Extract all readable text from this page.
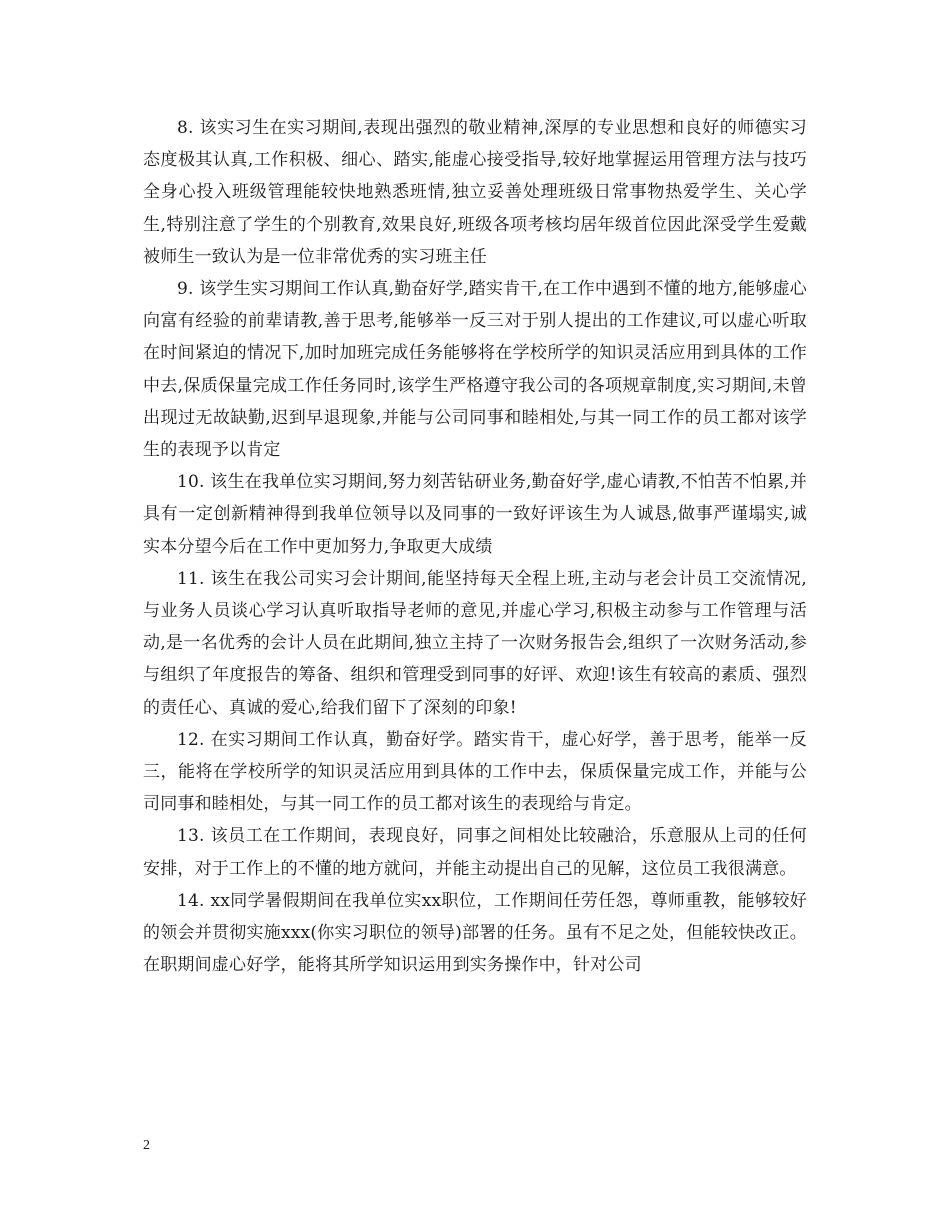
8. 该实习生在实习期间,表现出强烈的敬业精神,深厚的专业思想和良好的师德实习态度极其认真,工作积极、细心、踏实,能虚心接受指导,较好地掌握运用管理方法与技巧全身心投入班级管理能较快地熟悉班情,独立妥善处理班级日常事物热爱学生、关心学生,特别注意了学生的个别教育,效果良好,班级各项考核均居年级首位因此深受学生爱戴被师生一致认为是一位非常优秀的实习班主任

9. 该学生实习期间工作认真,勤奋好学,踏实肯干,在工作中遇到不懂的地方,能够虚心向富有经验的前辈请教,善于思考,能够举一反三对于别人提出的工作建议,可以虚心听取在时间紧迫的情况下,加时加班完成任务能够将在学校所学的知识灵活应用到具体的工作中去,保质保量完成工作任务同时,该学生严格遵守我公司的各项规章制度,实习期间,未曾出现过无故缺勤,迟到早退现象,并能与公司同事和睦相处,与其一同工作的员工都对该学生的表现予以肯定

10. 该生在我单位实习期间,努力刻苦钻研业务,勤奋好学,虚心请教,不怕苦不怕累,并具有一定创新精神得到我单位领导以及同事的一致好评该生为人诚恳,做事严谨塌实,诚实本分望今后在工作中更加努力,争取更大成绩

11. 该生在我公司实习会计期间,能坚持每天全程上班,主动与老会计员工交流情况,与业务人员谈心学习认真听取指导老师的意见,并虚心学习,积极主动参与工作管理与活动,是一名优秀的会计人员在此期间,独立主持了一次财务报告会,组织了一次财务活动,参与组织了年度报告的筹备、组织和管理受到同事的好评、欢迎!该生有较高的素质、强烈的责任心、真诚的爱心,给我们留下了深刻的印象!

12. 在实习期间工作认真，勤奋好学。踏实肯干，虚心好学，善于思考，能举一反三，能将在学校所学的知识灵活应用到具体的工作中去，保质保量完成工作，并能与公司同事和睦相处，与其一同工作的员工都对该生的表现给与肯定。

13. 该员工在工作期间，表现良好，同事之间相处比较融洽，乐意服从上司的任何安排，对于工作上的不懂的地方就问，并能主动提出自己的见解，这位员工我很满意。

14. xx同学暑假期间在我单位实xx职位，工作期间任劳任怨，尊师重教，能够较好的领会并贯彻实施xxx(你实习职位的领导)部署的任务。虽有不足之处，但能较快改正。在职期间虚心好学，能将其所学知识运用到实务操作中，针对公司

2
